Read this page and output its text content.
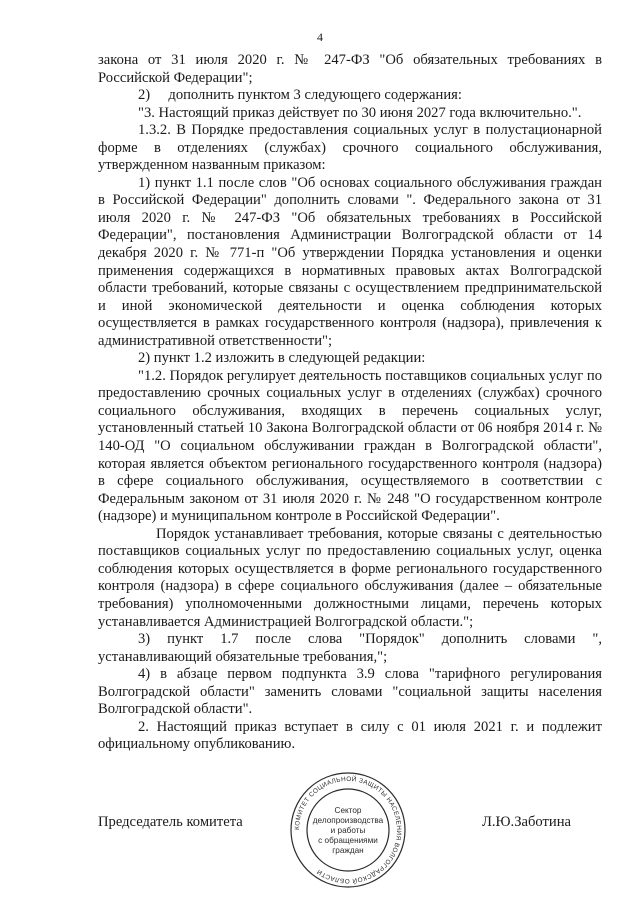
4

закона от 31 июля 2020 г. № 247-ФЗ "Об обязательных требованиях в Российской Федерации";

2)     дополнить пунктом 3 следующего содержания:

"3. Настоящий приказ действует по 30 июня 2027 года включительно.".

1.3.2. В Порядке предоставления социальных услуг в полустационарной форме в отделениях (службах) срочного социального обслуживания, утвержденном названным приказом:

1) пункт 1.1 после слов "Об основах социального обслуживания граждан в Российской Федерации" дополнить словами ". Федерального закона от 31 июля 2020 г. № 247-ФЗ "Об обязательных требованиях в Российской Федерации", постановления Администрации Волгоградской области от 14 декабря 2020 г. № 771-п "Об утверждении Порядка установления и оценки применения содержащихся в нормативных правовых актах Волгоградской области требований, которые связаны с осуществлением предпринимательской и иной экономической деятельности и оценка соблюдения которых осуществляется в рамках государственного контроля (надзора), привлечения к административной ответственности";

2) пункт 1.2 изложить в следующей редакции:

"1.2. Порядок регулирует деятельность поставщиков социальных услуг по предоставлению срочных социальных услуг в отделениях (службах) срочного социального обслуживания, входящих в перечень социальных услуг, установленный статьей 10 Закона Волгоградской области от 06 ноября 2014 г. № 140-ОД "О социальном обслуживании граждан в Волгоградской области", которая является объектом регионального государственного контроля (надзора) в сфере социального обслуживания, осуществляемого в соответствии с Федеральным законом от 31 июля 2020 г. № 248 "О государственном контроле (надзоре) и муниципальном контроле в Российской Федерации".

Порядок устанавливает требования, которые связаны с деятельностью поставщиков социальных услуг по предоставлению социальных услуг, оценка соблюдения которых осуществляется в форме регионального государственного контроля (надзора) в сфере социального обслуживания (далее – обязательные требования) уполномоченными должностными лицами, перечень которых устанавливается Администрацией Волгоградской области.";

3) пункт 1.7 после слова "Порядок" дополнить словами ", устанавливающий обязательные требования,";

4) в абзаце первом подпункта 3.9 слова "тарифного регулирования Волгоградской области" заменить словами "социальной защиты населения Волгоградской области".

2. Настоящий приказ вступает в силу с 01 июля 2021 г. и подлежит официальному опубликованию.

Председатель комитета	Л.Ю.Заботина
КОМИТЕТ СОЦИАЛЬНОЙ ЗАЩИТЫ НАСЕЛЕНИЯ ВОЛГОГРАДСКОЙ ОБЛАСТИ
Сектор
делопроизводства
и работы
с обращениями
граждан
